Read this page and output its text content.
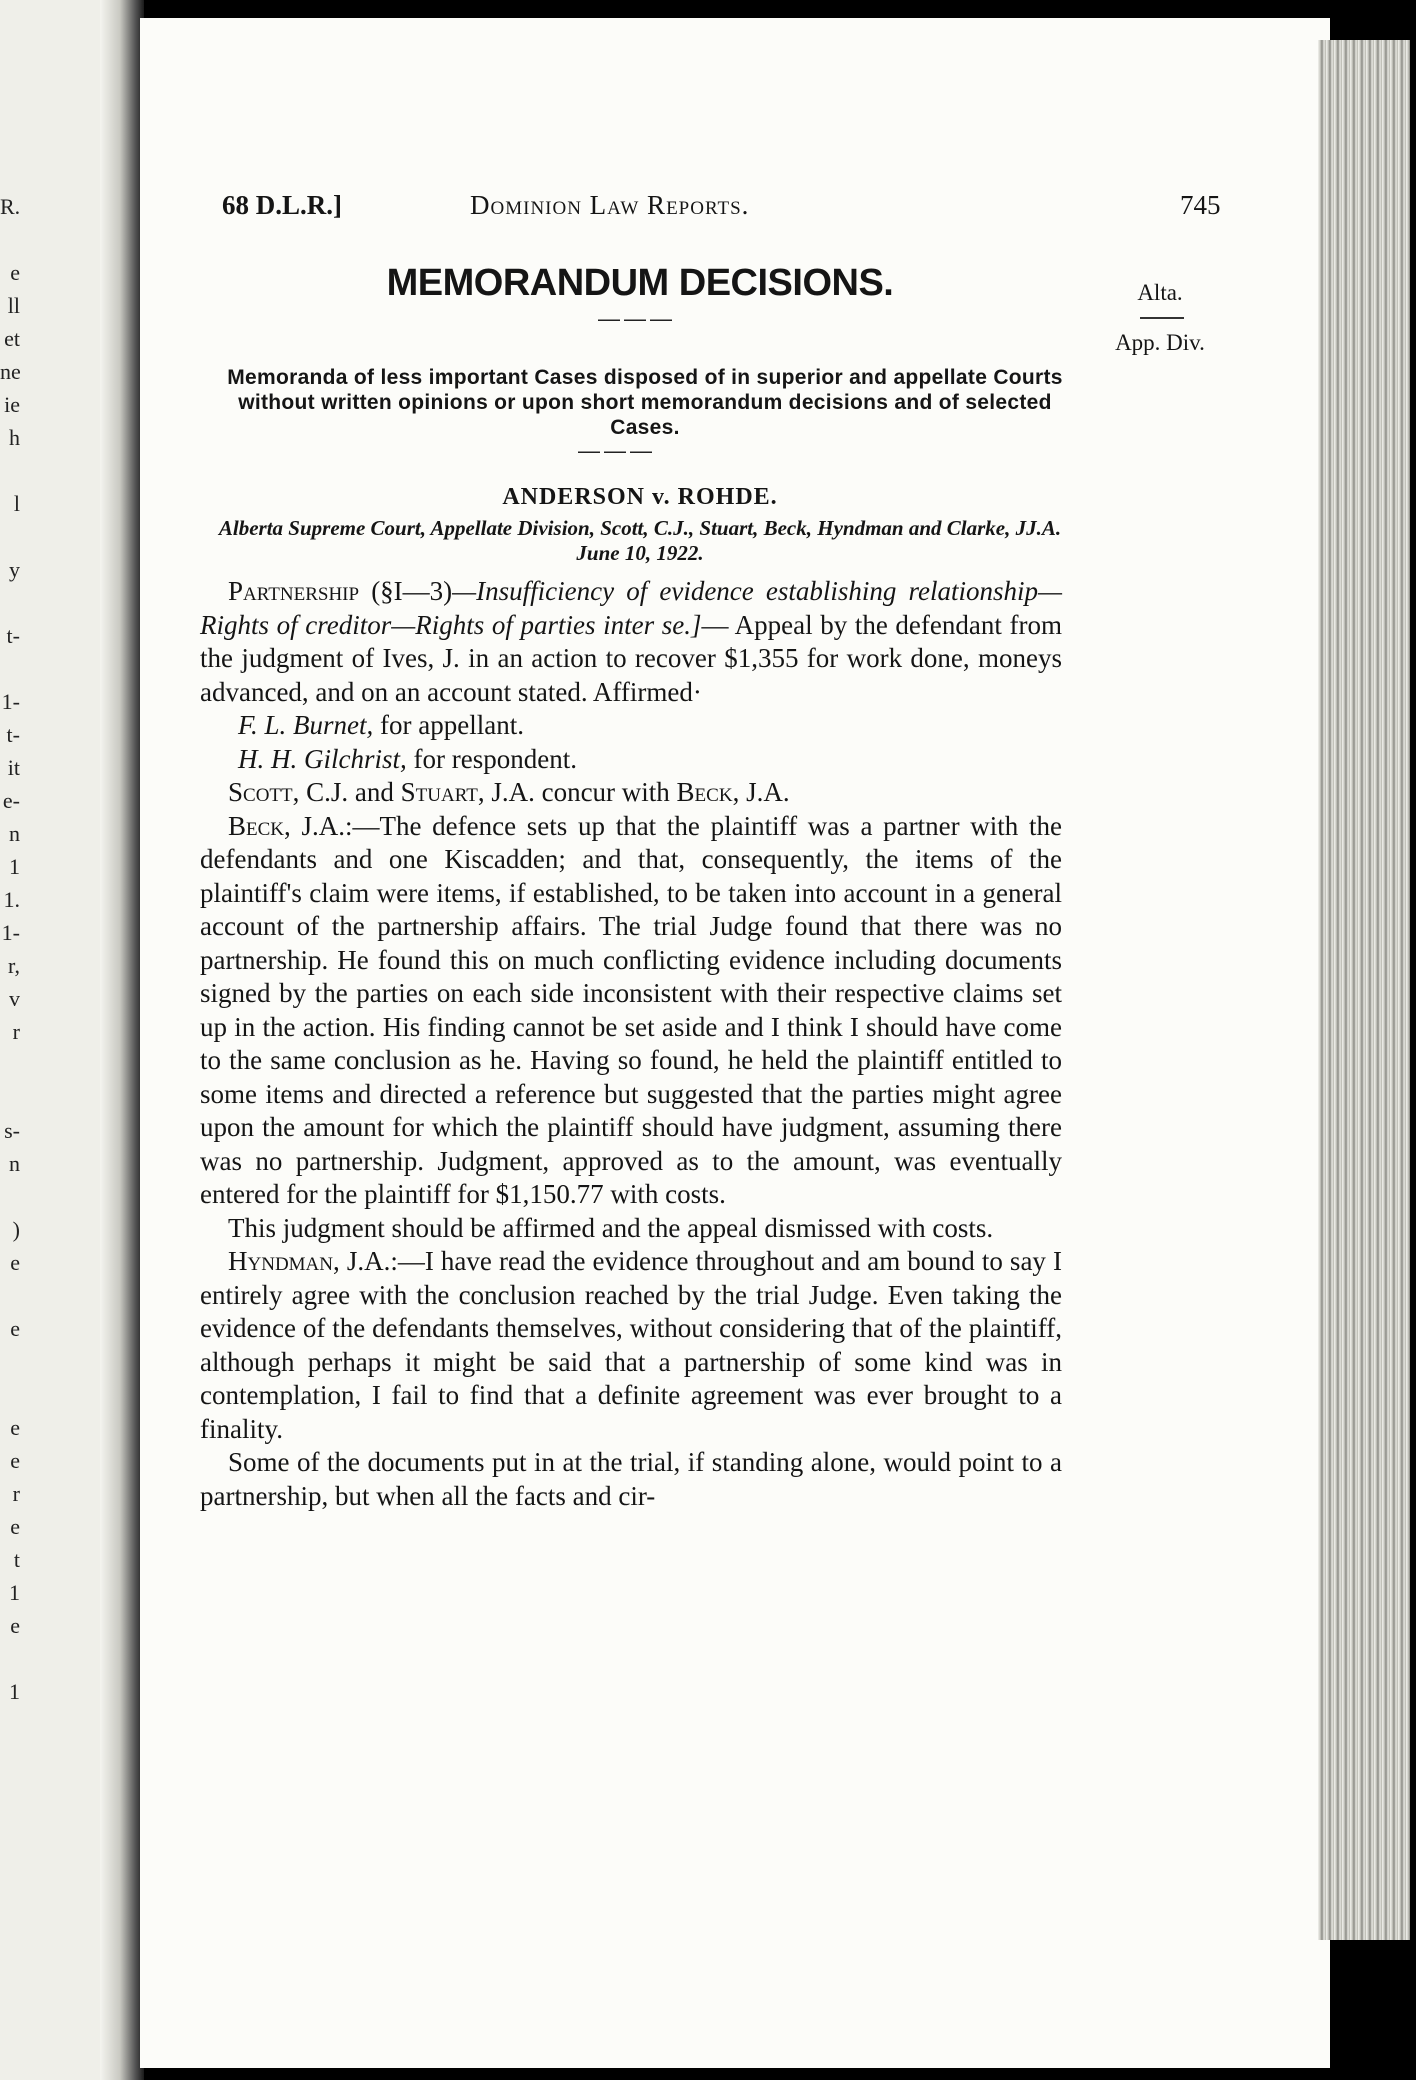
R.

e
ll
et
ne
ie
h

l

y

t-

1-
t-
it
e-
n
1
1.
1-
r,
v
r

s-
n

)
e

e

e
e
r
e
t
1
e

1
68 D.L.R.]	Dominion Law Reports.	745
MEMORANDUM DECISIONS.
———
Alta.
App. Div.
Memoranda of less important Cases disposed of in superior and appellate Courts without written opinions or upon short memorandum decisions and of selected Cases.
———
ANDERSON v. ROHDE.
Alberta Supreme Court, Appellate Division, Scott, C.J., Stuart, Beck, Hyndman and Clarke, JJ.A. June 10, 1922.

Partnership (§I—3)—Insufficiency of evidence establishing relationship—Rights of creditor—Rights of parties inter se.]— Appeal by the defendant from the judgment of Ives, J. in an action to recover $1,355 for work done, moneys advanced, and on an account stated. Affirmed·

F. L. Burnet, for appellant.

H. H. Gilchrist, for respondent.

Scott, C.J. and Stuart, J.A. concur with Beck, J.A.

Beck, J.A.:—The defence sets up that the plaintiff was a partner with the defendants and one Kiscadden; and that, consequently, the items of the plaintiff's claim were items, if established, to be taken into account in a general account of the partnership affairs. The trial Judge found that there was no partnership. He found this on much conflicting evidence including documents signed by the parties on each side inconsistent with their respective claims set up in the action. His finding cannot be set aside and I think I should have come to the same conclusion as he. Having so found, he held the plaintiff entitled to some items and directed a reference but suggested that the parties might agree upon the amount for which the plaintiff should have judgment, assuming there was no partnership. Judgment, approved as to the amount, was eventually entered for the plaintiff for $1,150.77 with costs.

This judgment should be affirmed and the appeal dismissed with costs.

Hyndman, J.A.:—I have read the evidence throughout and am bound to say I entirely agree with the conclusion reached by the trial Judge. Even taking the evidence of the defendants themselves, without considering that of the plaintiff, although perhaps it might be said that a partnership of some kind was in contemplation, I fail to find that a definite agreement was ever brought to a finality.

Some of the documents put in at the trial, if standing alone, would point to a partnership, but when all the facts and cir-
